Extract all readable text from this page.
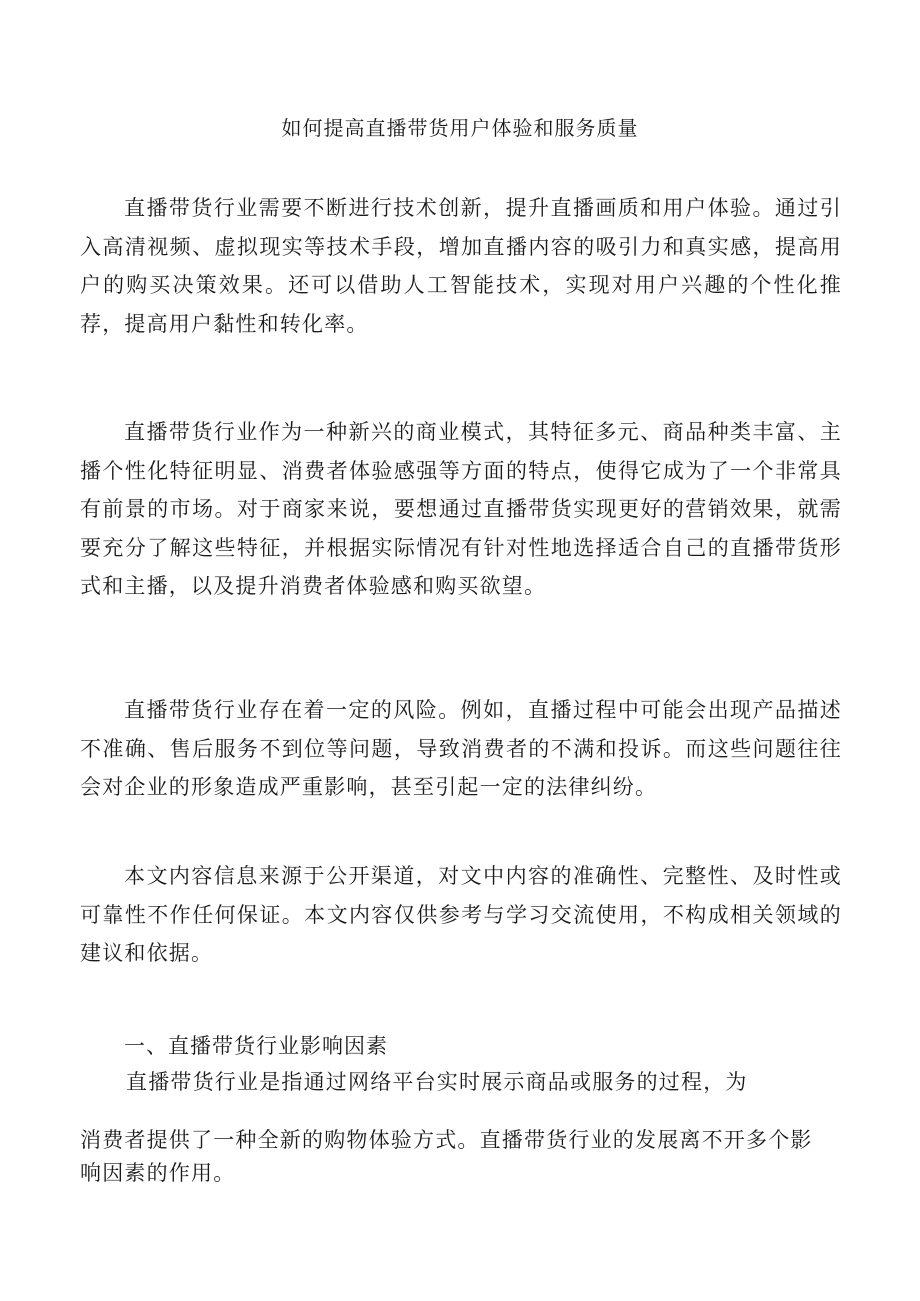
如何提高直播带货用户体验和服务质量

直播带货行业需要不断进行技术创新，提升直播画质和用户体验。通过引入高清视频、虚拟现实等技术手段，增加直播内容的吸引力和真实感，提高用户的购买决策效果。还可以借助人工智能技术，实现对用户兴趣的个性化推荐，提高用户黏性和转化率。

直播带货行业作为一种新兴的商业模式，其特征多元、商品种类丰富、主播个性化特征明显、消费者体验感强等方面的特点，使得它成为了一个非常具有前景的市场。对于商家来说，要想通过直播带货实现更好的营销效果，就需要充分了解这些特征，并根据实际情况有针对性地选择适合自己的直播带货形式和主播，以及提升消费者体验感和购买欲望。

直播带货行业存在着一定的风险。例如，直播过程中可能会出现产品描述不准确、售后服务不到位等问题，导致消费者的不满和投诉。而这些问题往往会对企业的形象造成严重影响，甚至引起一定的法律纠纷。

本文内容信息来源于公开渠道，对文中内容的准确性、完整性、及时性或可靠性不作任何保证。本文内容仅供参考与学习交流使用，不构成相关领域的建议和依据。

一、直播带货行业影响因素
直播带货行业是指通过网络平台实时展示商品或服务的过程，为
消费者提供了一种全新的购物体验方式。直播带货行业的发展离不开多个影
响因素的作用。
